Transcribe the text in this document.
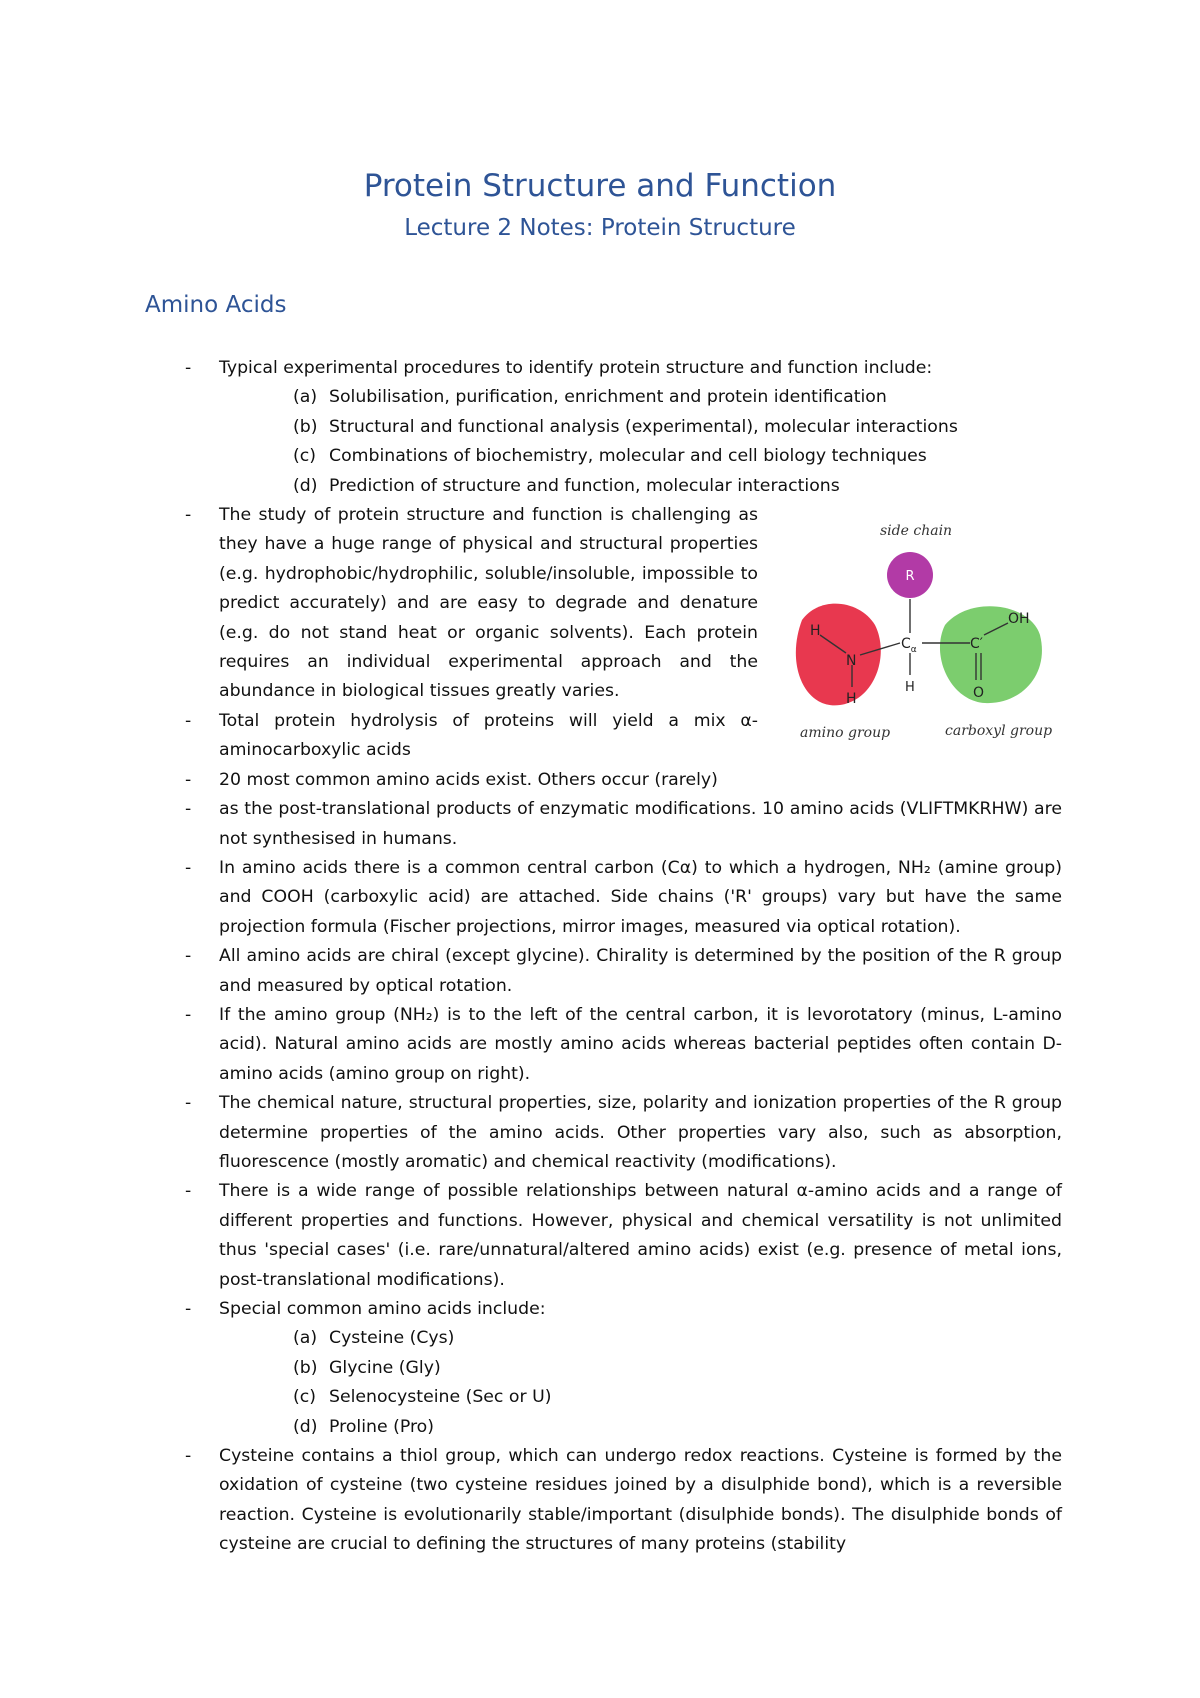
Protein Structure and Function
Lecture 2 Notes: Protein Structure
Amino Acids
- Typical experimental procedures to identify protein structure and function include:
(a) Solubilisation, purification, enrichment and protein identification
(b) Structural and functional analysis (experimental), molecular interactions
(c) Combinations of biochemistry, molecular and cell biology techniques
(d) Prediction of structure and function, molecular interactions
- The study of protein structure and function is challenging as they have a huge range of physical and structural properties (e.g. hydrophobic/hydrophilic, soluble/insoluble, impossible to predict accurately) and are easy to degrade and denature (e.g. do not stand heat or organic solvents). Each protein requires an individual experimental approach and the abundance in biological tissues greatly varies.
- Total protein hydrolysis of proteins will yield a mix α-aminocarboxylic acids
- 20 most common amino acids exist. Others occur (rarely)
- as the post-translational products of enzymatic modifications. 10 amino acids (VLIFTMKRHW) are not synthesised in humans.
- In amino acids there is a common central carbon (Cα) to which a hydrogen, NH₂ (amine group) and COOH (carboxylic acid) are attached. Side chains ('R' groups) vary but have the same projection formula (Fischer projections, mirror images, measured via optical rotation).
- All amino acids are chiral (except glycine). Chirality is determined by the position of the R group and measured by optical rotation.
- If the amino group (NH₂) is to the left of the central carbon, it is levorotatory (minus, L-amino acid). Natural amino acids are mostly amino acids whereas bacterial peptides often contain D-amino acids (amino group on right).
- The chemical nature, structural properties, size, polarity and ionization properties of the R group determine properties of the amino acids. Other properties vary also, such as absorption, fluorescence (mostly aromatic) and chemical reactivity (modifications).
- There is a wide range of possible relationships between natural α-amino acids and a range of different properties and functions. However, physical and chemical versatility is not unlimited thus 'special cases' (i.e. rare/unnatural/altered amino acids) exist (e.g. presence of metal ions, post-translational modifications).
- Special common amino acids include:
(a) Cysteine (Cys)
(b) Glycine (Gly)
(c) Selenocysteine (Sec or U)
(d) Proline (Pro)
- Cysteine contains a thiol group, which can undergo redox reactions. Cysteine is formed by the oxidation of cysteine (two cysteine residues joined by a disulphide bond), which is a reversible reaction. Cysteine is evolutionarily stable/important (disulphide bonds). The disulphide bonds of cysteine are crucial to defining the structures of many proteins (stability
side chain
R
H
N
H
$C_\alpha$
H
C′
OH
O
amino group	carboxyl group
